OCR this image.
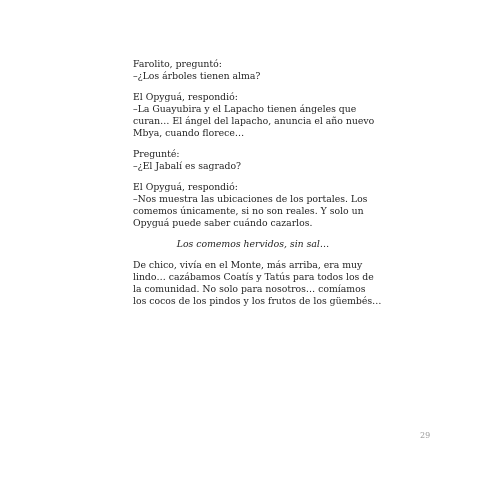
Farolito, preguntó:
–¿Los árboles tienen alma?
El Opyguá, respondió:
–La Guayubira y el Lapacho tienen ángeles que
curan… El ángel del lapacho, anuncia el año nuevo
Mbya, cuando florece…
Pregunté:
–¿El Jabalí es sagrado?
El Opyguá, respondió:
–Nos muestra las ubicaciones de los portales. Los
comemos únicamente, si no son reales. Y solo un
Opyguá puede saber cuándo cazarlos.
Los comemos hervidos, sin sal…
De chico, vivía en el Monte, más arriba, era muy
lindo… cazábamos Coatís y Tatús para todos los de
la comunidad. No solo para nosotros… comíamos
los cocos de los pindos y los frutos de los güembés…
29
